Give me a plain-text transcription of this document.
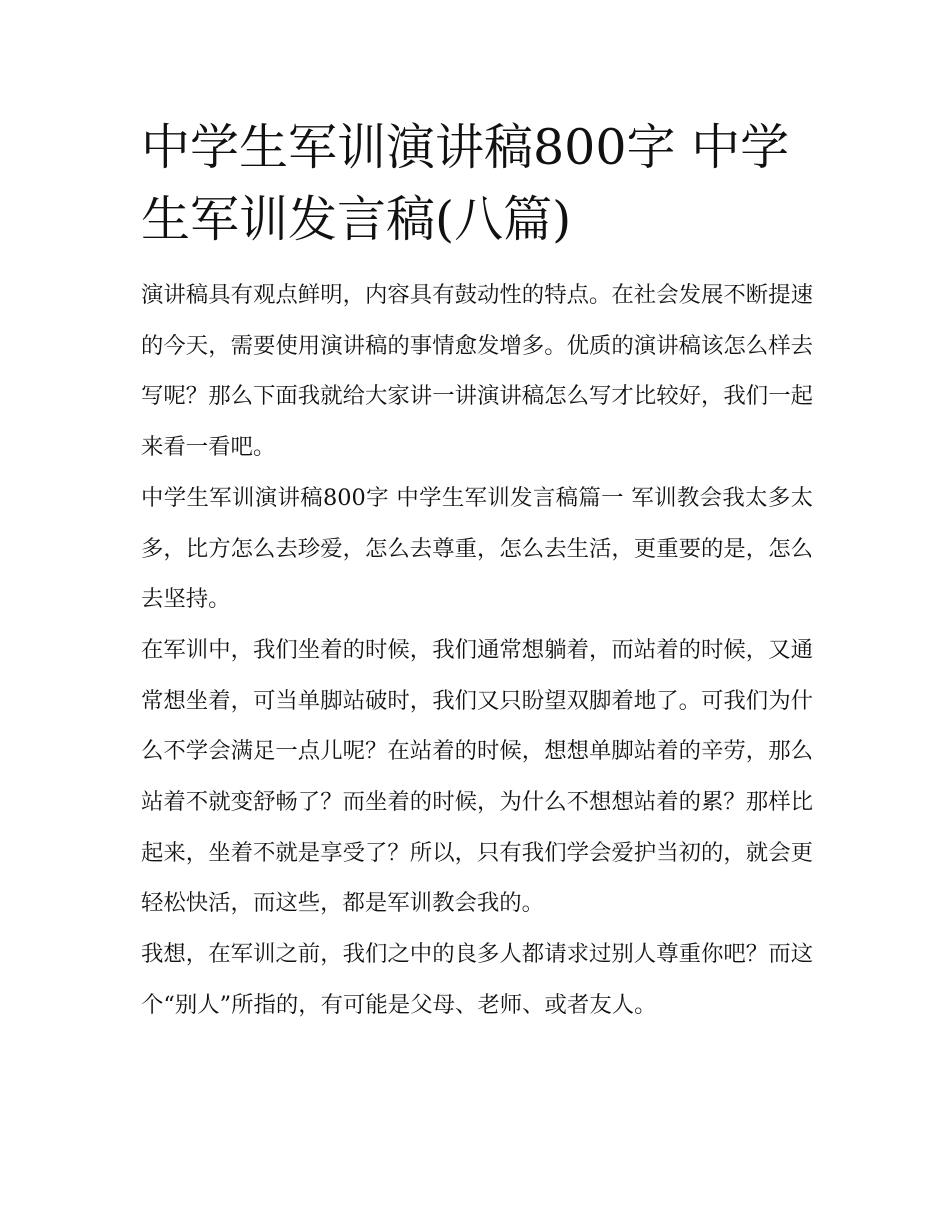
中学生军训演讲稿800字 中学生军训发言稿(八篇)

演讲稿具有观点鲜明，内容具有鼓动性的特点。在社会发展不断提速的今天，需要使用演讲稿的事情愈发增多。优质的演讲稿该怎么样去写呢？那么下面我就给大家讲一讲演讲稿怎么写才比较好，我们一起来看一看吧。

中学生军训演讲稿800字 中学生军训发言稿篇一 军训教会我太多太多，比方怎么去珍爱，怎么去尊重，怎么去生活，更重要的是，怎么去坚持。

在军训中，我们坐着的时候，我们通常想躺着，而站着的时候，又通常想坐着，可当单脚站破时，我们又只盼望双脚着地了。可我们为什么不学会满足一点儿呢？在站着的时候，想想单脚站着的辛劳，那么站着不就变舒畅了？而坐着的时候，为什么不想想站着的累？那样比起来，坐着不就是享受了？所以，只有我们学会爱护当初的，就会更轻松快活，而这些，都是军训教会我的。

我想，在军训之前，我们之中的良多人都请求过别人尊重你吧？而这个“别人”所指的，有可能是父母、老师、或者友人。
